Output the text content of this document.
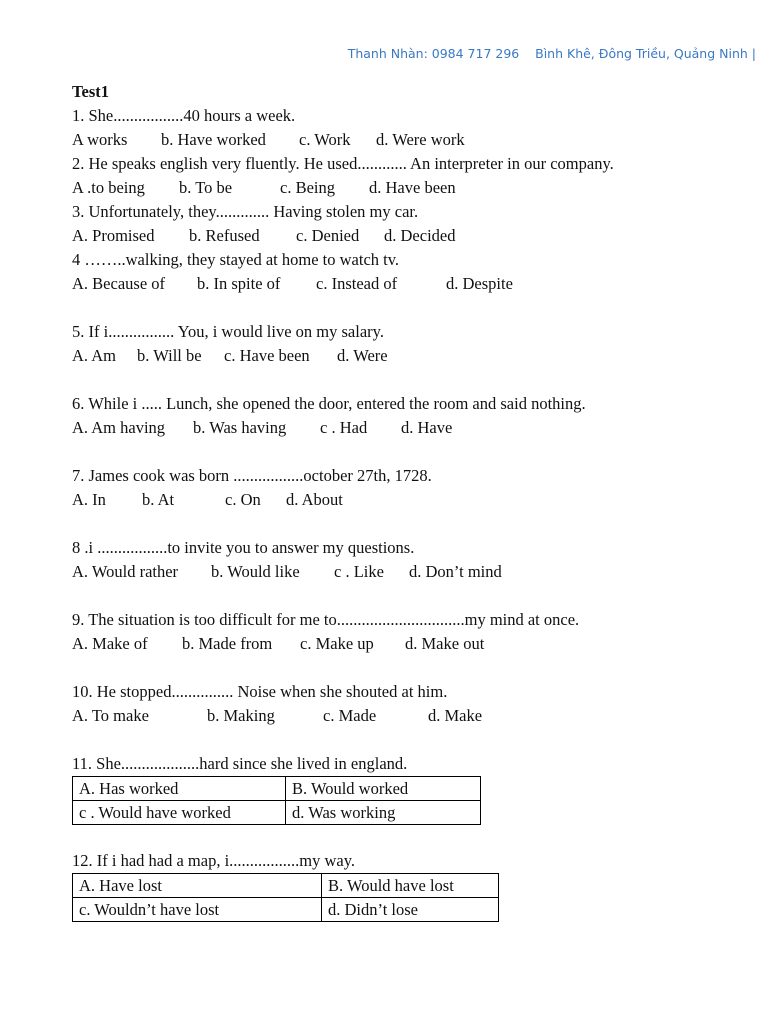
Thanh Nhàn: 0984 717 296    Bình Khê, Đông Triều, Quảng Ninh |
Test1
1. She.................40 hours a week.
A works b. Have worked c. Work d. Were work
2. He speaks english very fluently. He used............ An interpreter in our company.
A .to being b. To be	c. Being d. Have been
3. Unfortunately, they............. Having stolen my car.
A. Promised b. Refused c. Denied d. Decided
4 ……..walking, they stayed at home to watch tv.
A. Because of b. In spite of c. Instead of	d. Despite
5. If i................ You, i would live on my salary.
A. Am b. Will be c. Have been d. Were
6. While i ..... Lunch, she opened the door, entered the room and said nothing.
A. Am having b. Was having c . Had d. Have
7. James cook was born .................october 27th, 1728.
A. In b. At	c. On d. About
8 .i .................to invite you to answer my questions.
A. Would rather b. Would like c . Like d. Don’t mind
9. The situation is too difficult for me to...............................my mind at once.
A. Make of b. Made from c. Make up d. Make out
10. He stopped............... Noise when she shouted at him.
A. To make	b. Making	c. Made	d. Make
11. She...................hard since she lived in england.
A. Has worked	B. Would worked
c . Would have worked	d. Was working
12. If i had had a map, i.................my way.
A. Have lost	B. Would have lost
c. Wouldn’t have lost	d. Didn’t lose
